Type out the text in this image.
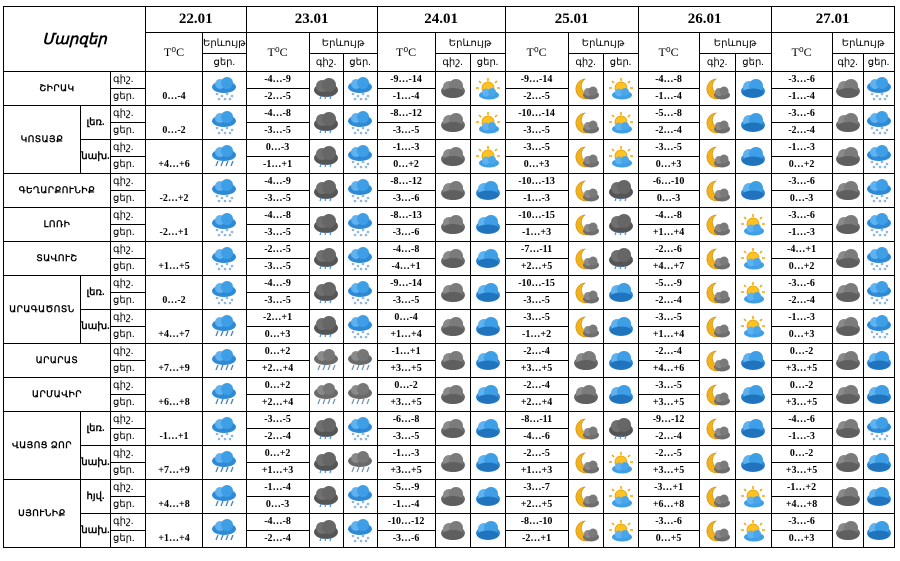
Մարզեր			22.01		23.01			24.01			25.01			26.01			27.01		
			T⁰C	Երևույթ	T⁰C	Երևույթ		T⁰C	Երևույթ		T⁰C	Երևույթ		T⁰C	Երևույթ		T⁰C	Երևույթ	
				ցեր.		գիշ.	ցեր.		գիշ.	ցեր.		գիշ.	ցեր.		գիշ.	ցեր.		գիշ.	ցեր.
ՇԻՐԱԿ		գիշ.	0…-4		-4…-9			-9…-14			-9…-14			-4…-8			-3…-6	

		ցեր.			-2…-5			-1…-4			-2…-5			-1…-4			-1…-4		
ԿՈՏԱՅՔ	լեռ.	գիշ.	0…-2		-4…-8			-8…-12			-10…-14			-5…-8			-3…-6	

		ցեր.			-3…-5			-3…-5			-3…-5			-2…-4			-2…-4		
	նախ.	գիշ.	+4…+6		0…-3			-1…-3			-3…-5			-3…-5			-1…-3	

		ցեր.			-1…+1			0…+2			0…+3			0…+3			0…+2		
ԳԵՂԱՐՔՈՒՆԻՔ		գիշ.	-2…+2		-4…-9			-8…-12			-10…-13			-6…-10			-3…-6	

		ցեր.			-3…-5			-3…-6			-1…-3			0…-3			0…-3		
ԼՈՌԻ		գիշ.	-2…+1		-4…-8			-8…-13			-10…-15			-4…-8			-3…-6	

		ցեր.			-3…-5			-3…-6			-1…+3			+1…+4			-1…-3		
ՏԱՎՈՒՇ		գիշ.	+1…+5		-2…-5			-4…-8			-7…-11			-2…-6			-4…+1	

		ցեր.			-3…-5			-4…+1			+2…+5			+4…+7			0…+2		
ԱՐԱԳԱԾՈՏՆ	լեռ.	գիշ.	0…-2		-4…-9			-9…-14			-10…-15			-5…-9			-3…-6	

		ցեր.			-3…-5			-3…-5			-3…-5			-2…-4			-2…-4		
	նախ.	գիշ.	+4…+7		-2…+1			0…-4			-3…-5			-3…-5			-1…-3	

		ցեր.			0…+3			+1…+4			-1…+2			+1…+4			0…+3		
ԱՐԱՐԱՏ		գիշ.	+7…+9		0…+2			-1…+1			-2…-4			-2…-4			0…-2	

		ցեր.			+2…+4			+3…+5			+3…+5			+4…+6			+3…+5		
ԱՐՄԱՎԻՐ		գիշ.	+6…+8		0…+2			0…-2			-2…-4			-3…-5			0…-2	

		ցեր.			+2…+4			+3…+5			+2…+4			+3…+5			+3…+5		
ՎԱՅՈՑ ՁՈՐ	լեռ.	գիշ.	-1…+1		-3…-5			-6…-8			-8…-11			-9…-12			-4…-6	

		ցեր.			-2…-4			-3…-5			-4…-6			-2…-4			-1…-3		
	նախ.	գիշ.	+7…+9		0…+2			-1…-3			-2…-5			-2…-5			0…-2	

		ցեր.			+1…+3			+3…+5			+1…+3			+3…+5			+3…+5		
ՍՅՈՒՆԻՔ	հյվ.	գիշ.	+4…+8		-1…-4			-5…-9			-3…-7			-3…+1			-1…+2	

		ցեր.			0…-3			-1…-4			+2…+5			+6…+8			+4…+8		
	նախ.	գիշ.	+1…+4		-4…-8			-10…-12			-8…-10			-3…-6			-3…-6	

		ցեր.			-2…-4			-3…-6			-2…+1			0…+5			0…+3		
